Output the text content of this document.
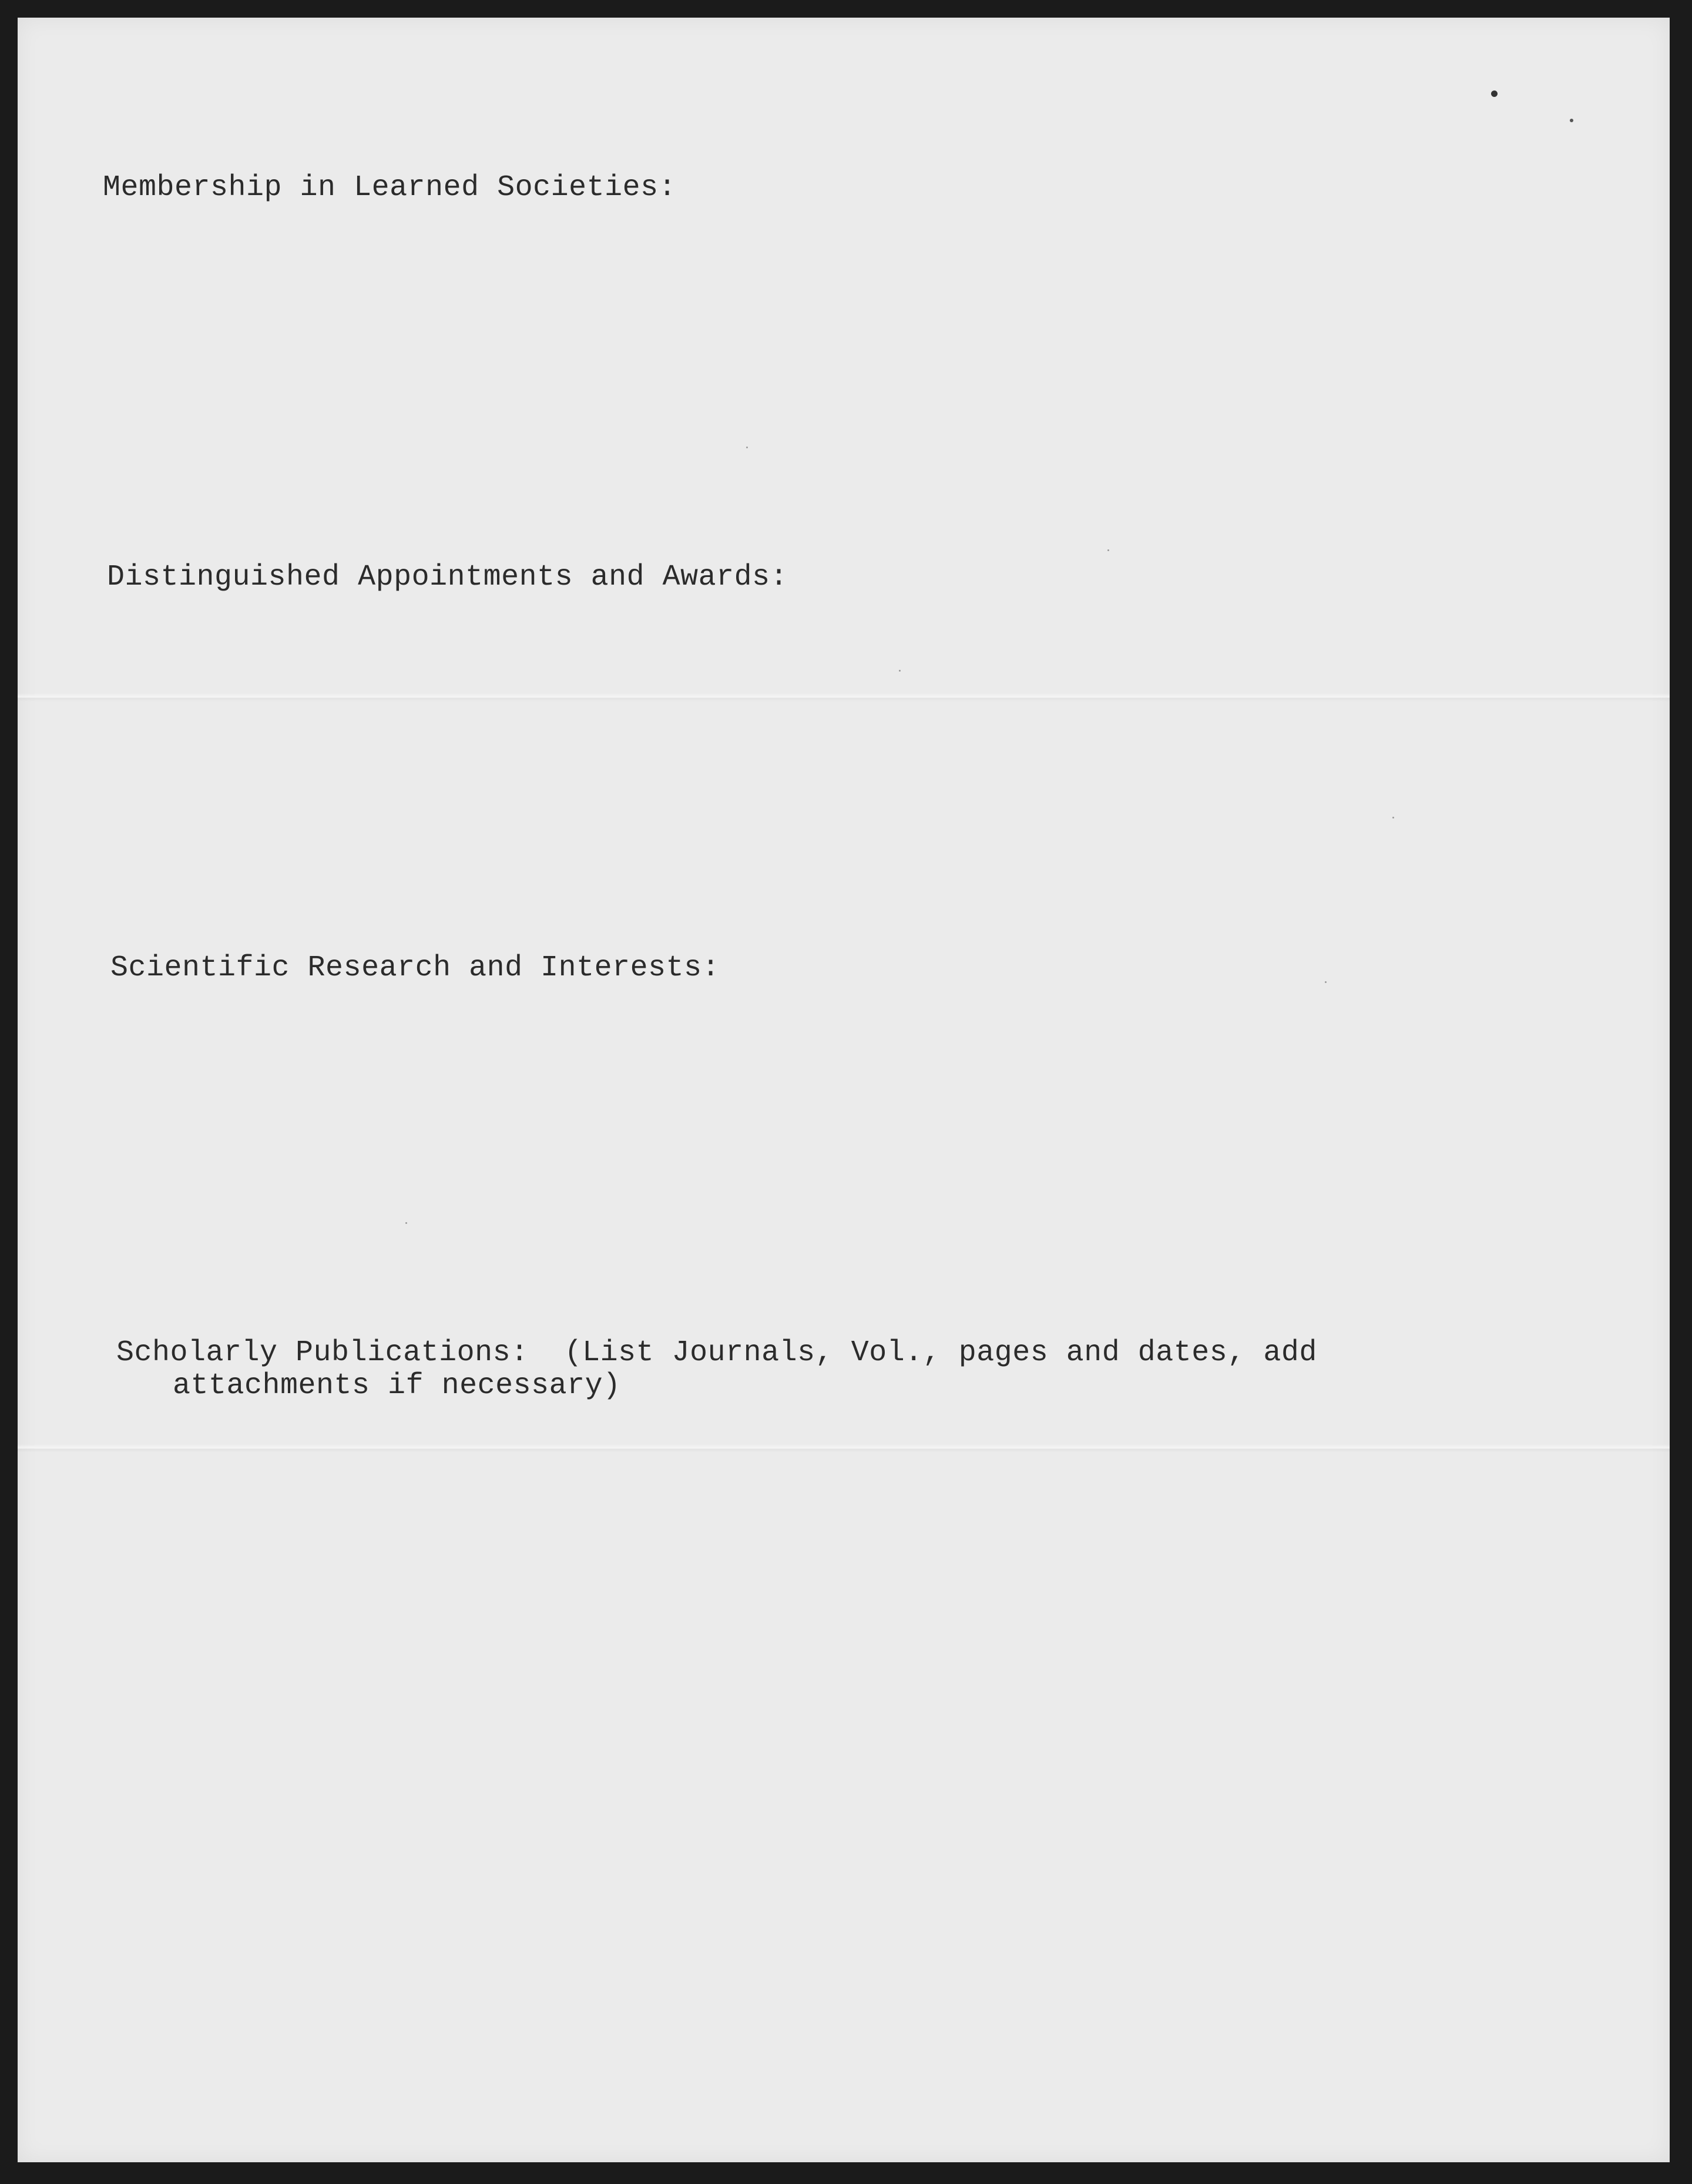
Membership in Learned Societies:

Distinguished Appointments and Awards:

Scientific Research and Interests:

Scholarly Publications:  (List Journals, Vol., pages and dates, add

attachments if necessary)
